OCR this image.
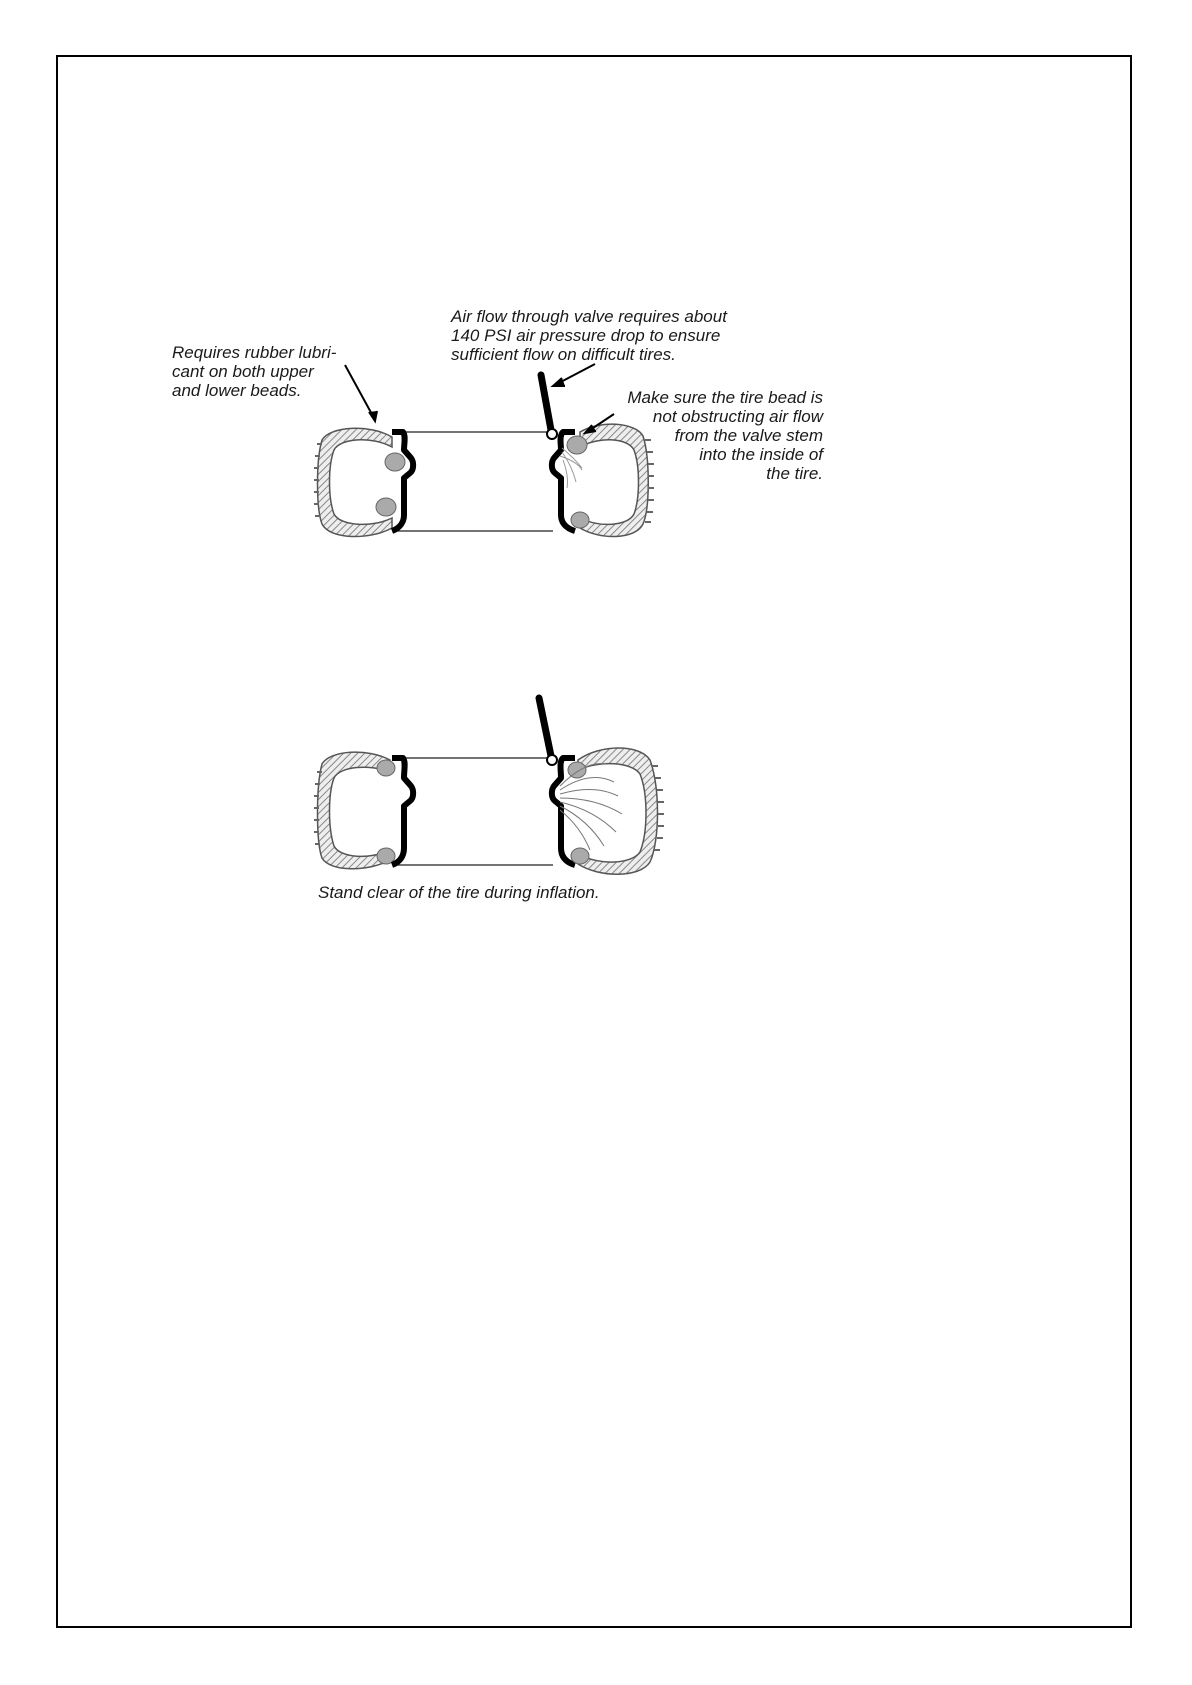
Requires rubber lubri-
cant on both upper
and lower beads.
Air flow through valve requires about
140 PSI air pressure drop to ensure
sufficient flow on difficult tires.
Make sure the tire bead is
not obstructing air flow
from the valve stem
into the inside of
the tire.
Stand clear of the tire during inflation.
